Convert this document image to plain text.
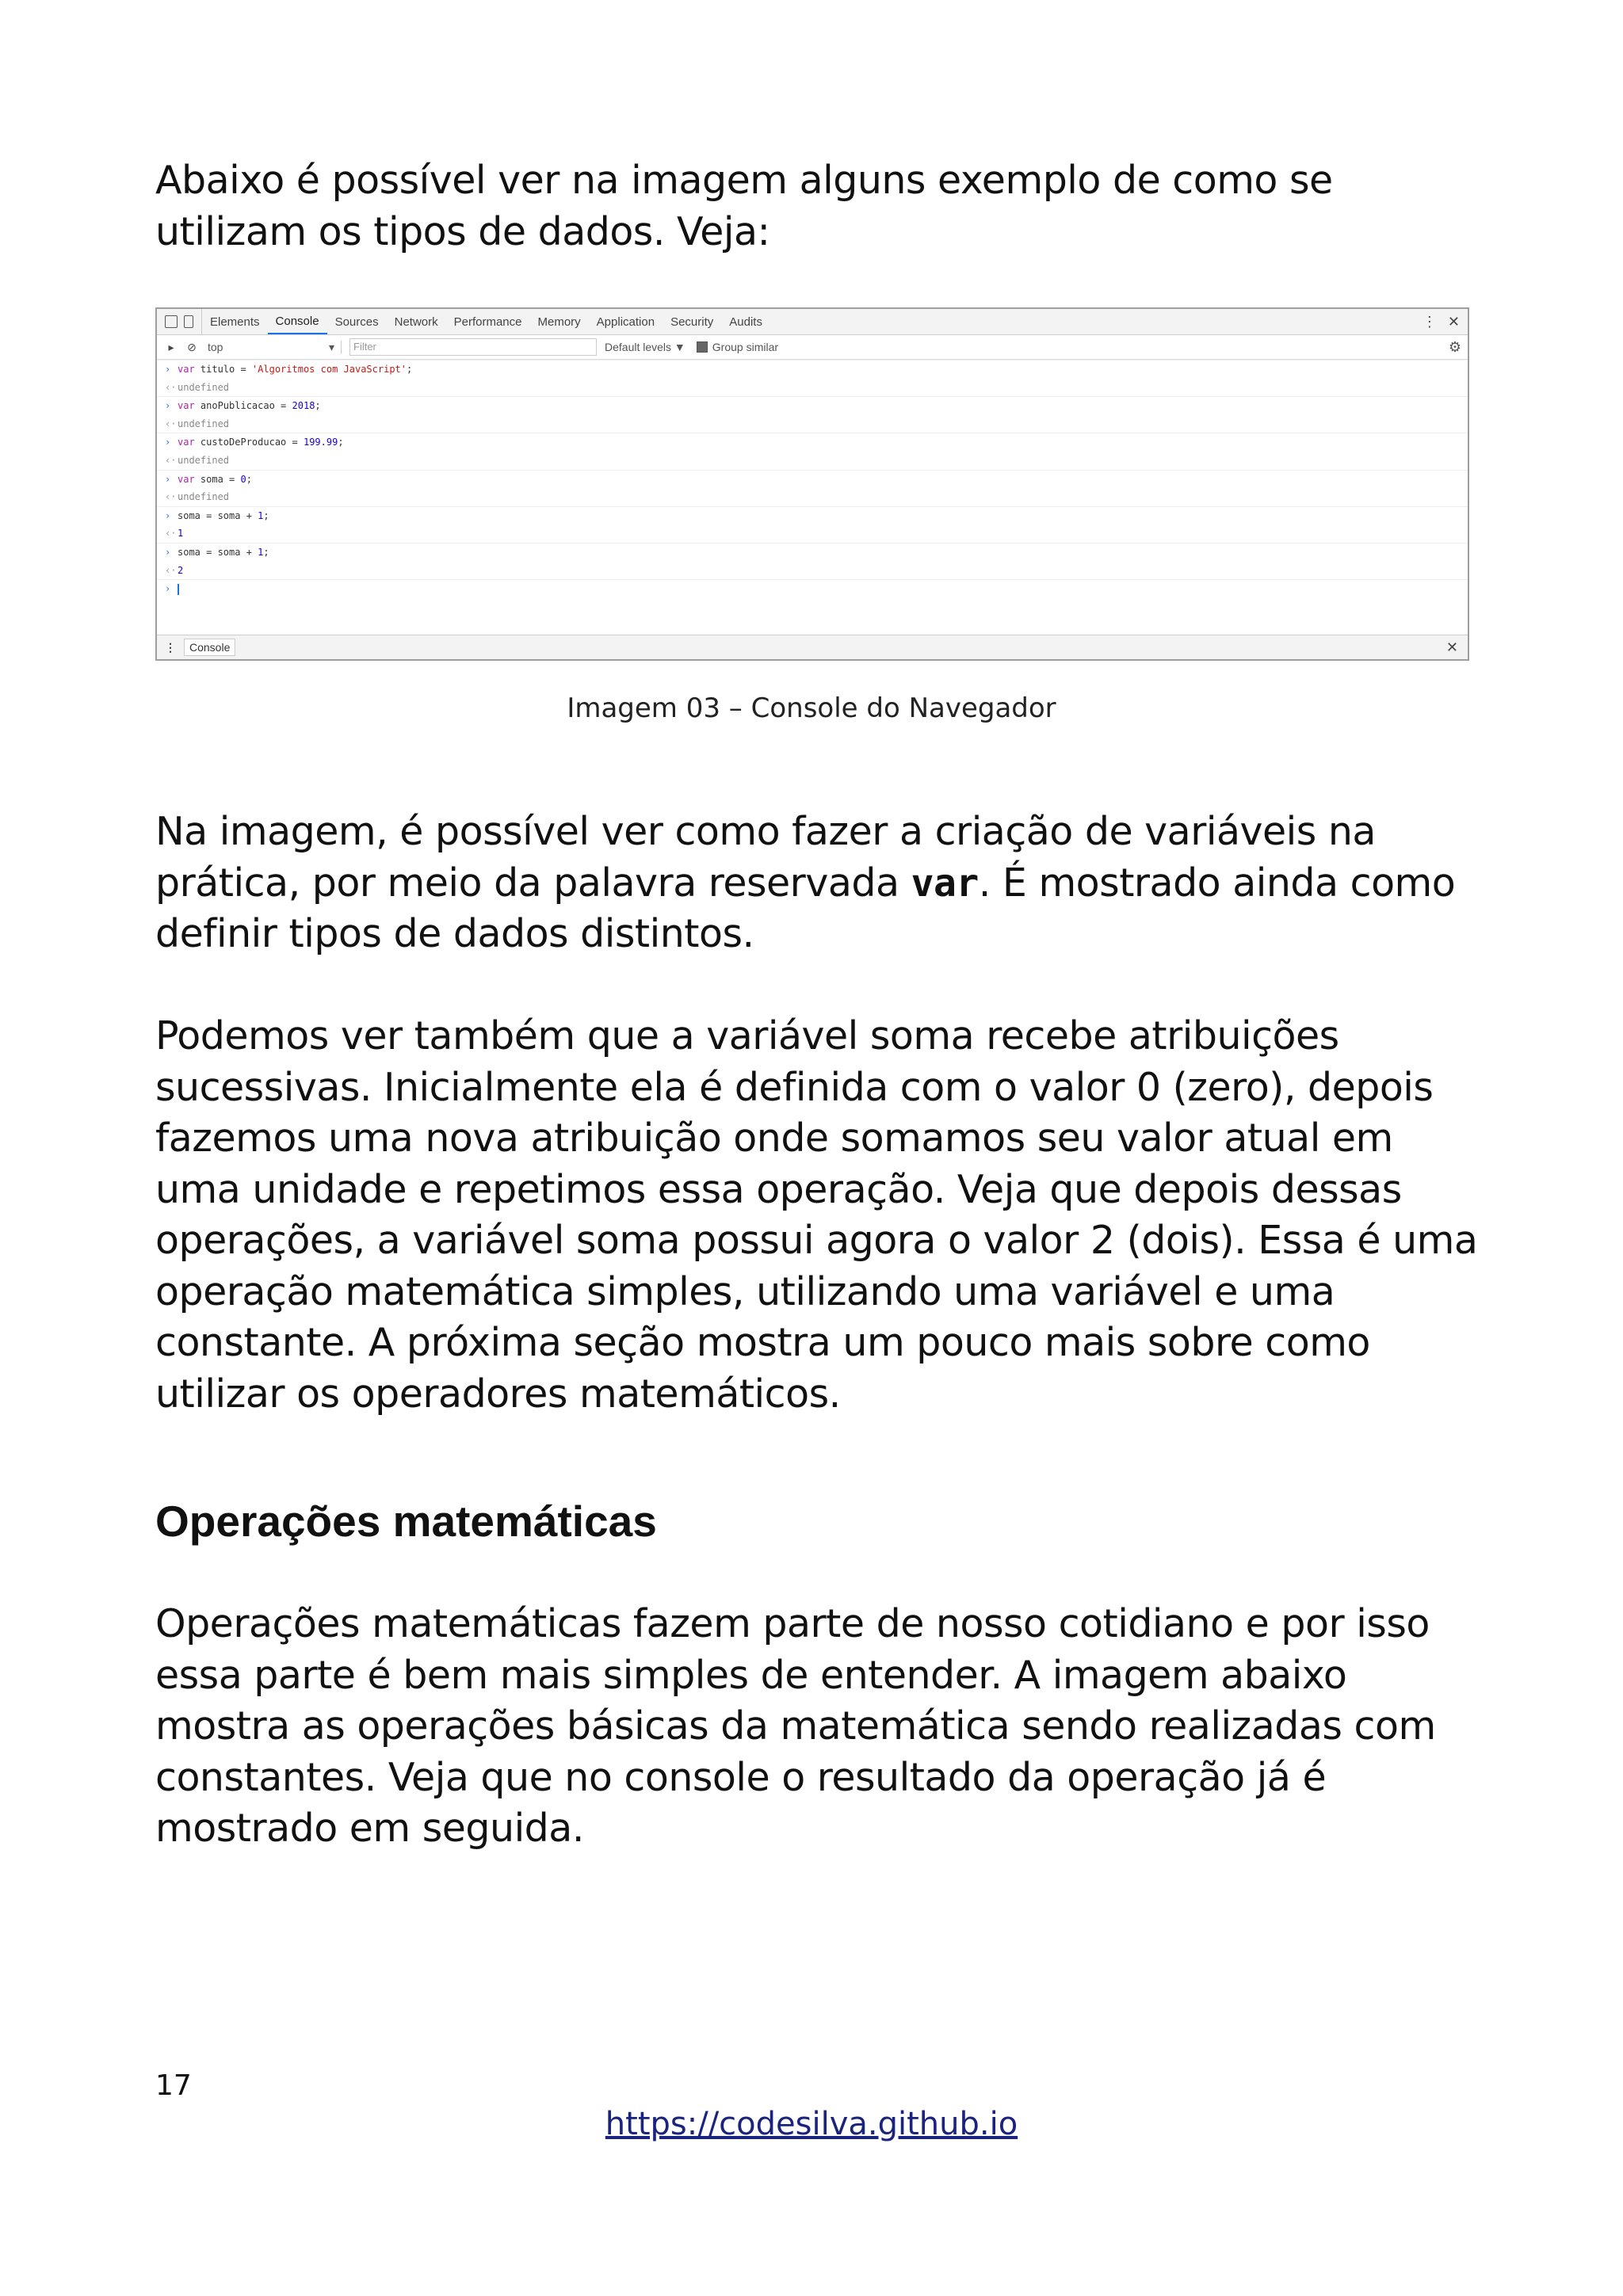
Abaixo é possível ver na imagem alguns exemplo de como se utilizam os tipos de dados. Veja:
Elements	Console	Sources	Network	Performance	Memory	Application	Security	Audits	⋮ ✕
▸	⊘ top	▾	Filter	Default levels ▼ Group similar	⚙
› var titulo = 'Algoritmos com JavaScript';
‹· undefined
› var anoPublicacao = 2018;
‹· undefined
› var custoDeProducao = 199.99;
‹· undefined
› var soma = 0;
‹· undefined
› soma = soma + 1;
‹· 1
› soma = soma + 1;
‹· 2
›
⋮	Console	✕
Imagem 03 – Console do Navegador
Na imagem, é possível ver como fazer a criação de variáveis na prática, por meio da palavra reservada var. É mostrado ainda como definir tipos de dados distintos.
Podemos ver também que a variável soma recebe atribuições sucessivas. Inicialmente ela é definida com o valor 0 (zero), depois fazemos uma nova atribuição onde somamos seu valor atual em uma unidade e repetimos essa operação. Veja que depois dessas operações, a variável soma possui agora o valor 2 (dois). Essa é uma operação matemática simples, utilizando uma variável e uma constante. A próxima seção mostra um pouco mais sobre como utilizar os operadores matemáticos.
Operações matemáticas
Operações matemáticas fazem parte de nosso cotidiano e por isso essa parte é bem mais simples de entender. A imagem abaixo mostra as operações básicas da matemática sendo realizadas com constantes. Veja que no console o resultado da operação já é mostrado em seguida.
17
https://codesilva.github.io
